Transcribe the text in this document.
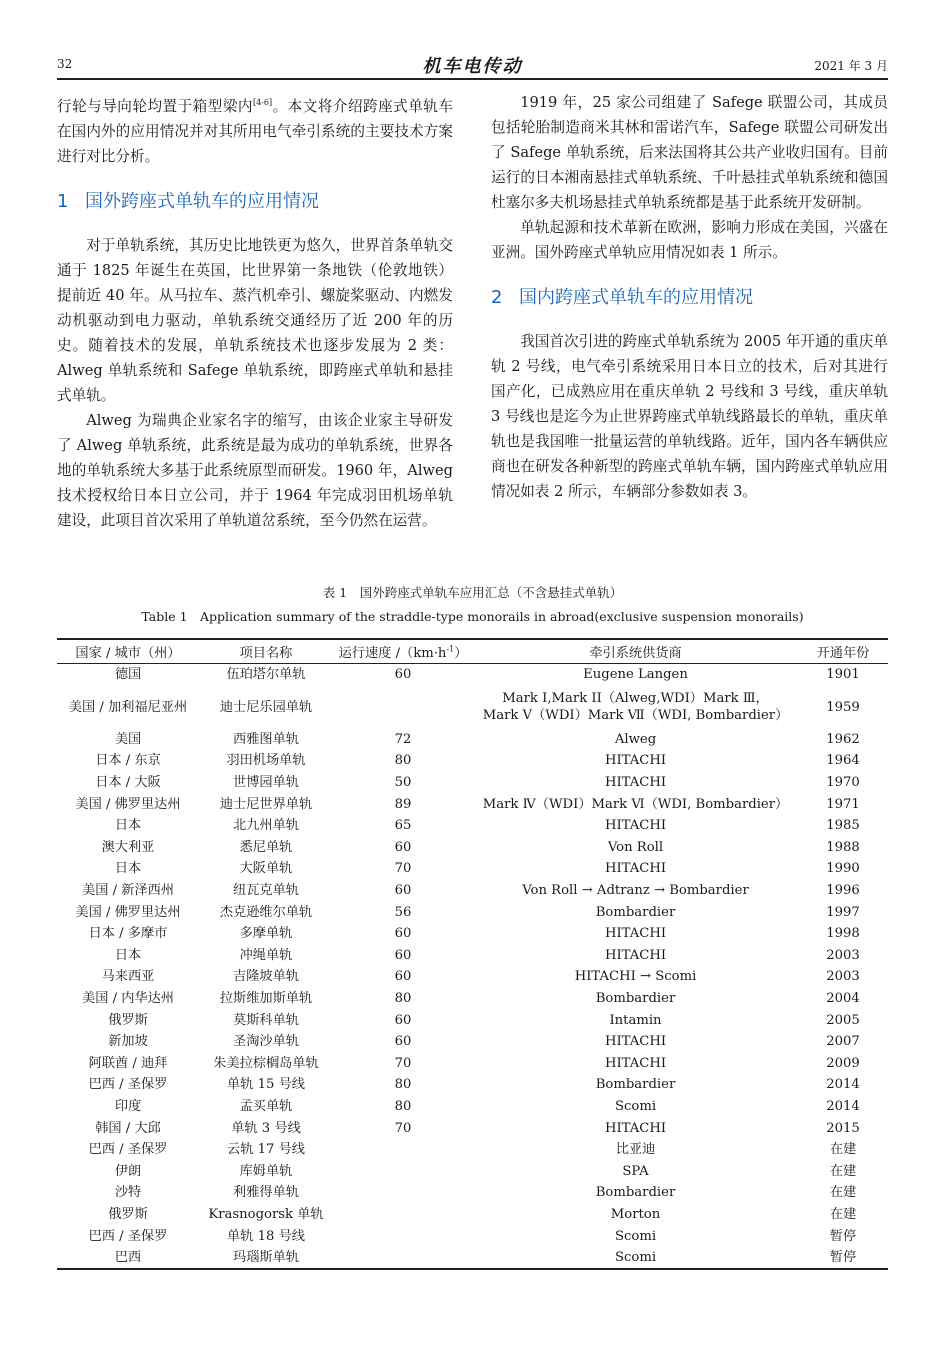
32	机车电传动	2021 年 3 月

行轮与导向轮均置于箱型梁内[4-6]。本文将介绍跨座式单轨车在国内外的应用情况并对其所用电气牵引系统的主要技术方案进行对比分析。

1 国外跨座式单轨车的应用情况

对于单轨系统，其历史比地铁更为悠久，世界首条单轨交通于 1825 年诞生在英国，比世界第一条地铁（伦敦地铁）提前近 40 年。从马拉车、蒸汽机牵引、螺旋桨驱动、内燃发动机驱动到电力驱动，单轨系统交通经历了近 200 年的历史。随着技术的发展，单轨系统技术也逐步发展为 2 类：Alweg 单轨系统和 Safege 单轨系统，即跨座式单轨和悬挂式单轨。

Alweg 为瑞典企业家名字的缩写，由该企业家主导研发了 Alweg 单轨系统，此系统是最为成功的单轨系统，世界各地的单轨系统大多基于此系统原型而研发。1960 年，Alweg 技术授权给日本日立公司，并于 1964 年完成羽田机场单轨建设，此项目首次采用了单轨道岔系统，至今仍然在运营。

1919 年，25 家公司组建了 Safege 联盟公司，其成员包括轮胎制造商米其林和雷诺汽车，Safege 联盟公司研发出了 Safege 单轨系统，后来法国将其公共产业收归国有。目前运行的日本湘南悬挂式单轨系统、千叶悬挂式单轨系统和德国杜塞尔多夫机场悬挂式单轨系统都是基于此系统开发研制。

单轨起源和技术革新在欧洲，影响力形成在美国，兴盛在亚洲。国外跨座式单轨应用情况如表 1 所示。

2 国内跨座式单轨车的应用情况

我国首次引进的跨座式单轨系统为 2005 年开通的重庆单轨 2 号线，电气牵引系统采用日本日立的技术，后对其进行国产化，已成熟应用在重庆单轨 2 号线和 3 号线，重庆单轨 3 号线也是迄今为止世界跨座式单轨线路最长的单轨，重庆单轨也是我国唯一批量运营的单轨线路。近年，国内各车辆供应商也在研发各种新型的跨座式单轨车辆，国内跨座式单轨应用情况如表 2 所示，车辆部分参数如表 3。

表 1　国外跨座式单轨车应用汇总（不含悬挂式单轨）
Table 1　Application summary of the straddle-type monorails in abroad(exclusive suspension monorails)
国家 / 城市（州）	项目名称	运行速度 $/(km\cdot h^{-1})$	牵引系统供货商	开通年份
德国	伍珀塔尔单轨	60	Eugene Langen	1901
美国 / 加利福尼亚州	迪士尼乐园单轨		Mark I,Mark II（Alweg,WDI）Mark Ⅲ，
Mark Ⅴ（WDI）Mark Ⅶ（WDI, Bombardier）	1959
美国	西雅图单轨	72	Alweg	1962
日本 / 东京	羽田机场单轨	80	HITACHI	1964
日本 / 大阪	世博园单轨	50	HITACHI	1970
美国 / 佛罗里达州	迪士尼世界单轨	89	Mark Ⅳ（WDI）Mark Ⅵ（WDI, Bombardier）	1971
日本	北九州单轨	65	HITACHI	1985
澳大利亚	悉尼单轨	60	Von Roll	1988
日本	大阪单轨	70	HITACHI	1990
美国 / 新泽西州	纽瓦克单轨	60	Von Roll → Adtranz → Bombardier	1996
美国 / 佛罗里达州	杰克逊维尔单轨	56	Bombardier	1997
日本 / 多摩市	多摩单轨	60	HITACHI	1998
日本	冲绳单轨	60	HITACHI	2003
马来西亚	吉隆坡单轨	60	HITACHI → Scomi	2003
美国 / 内华达州	拉斯维加斯单轨	80	Bombardier	2004
俄罗斯	莫斯科单轨	60	Intamin	2005
新加坡	圣淘沙单轨	60	HITACHI	2007
阿联酋 / 迪拜	朱美拉棕榈岛单轨	70	HITACHI	2009
巴西 / 圣保罗	单轨 15 号线	80	Bombardier	2014
印度	孟买单轨	80	Scomi	2014
韩国 / 大邱	单轨 3 号线	70	HITACHI	2015
巴西 / 圣保罗	云轨 17 号线		比亚迪	在建
伊朗	库姆单轨		SPA	在建
沙特	利雅得单轨		Bombardier	在建
俄罗斯	Krasnogorsk 单轨		Morton	在建
巴西 / 圣保罗	单轨 18 号线		Scomi	暂停
巴西	玛瑙斯单轨		Scomi	暂停
